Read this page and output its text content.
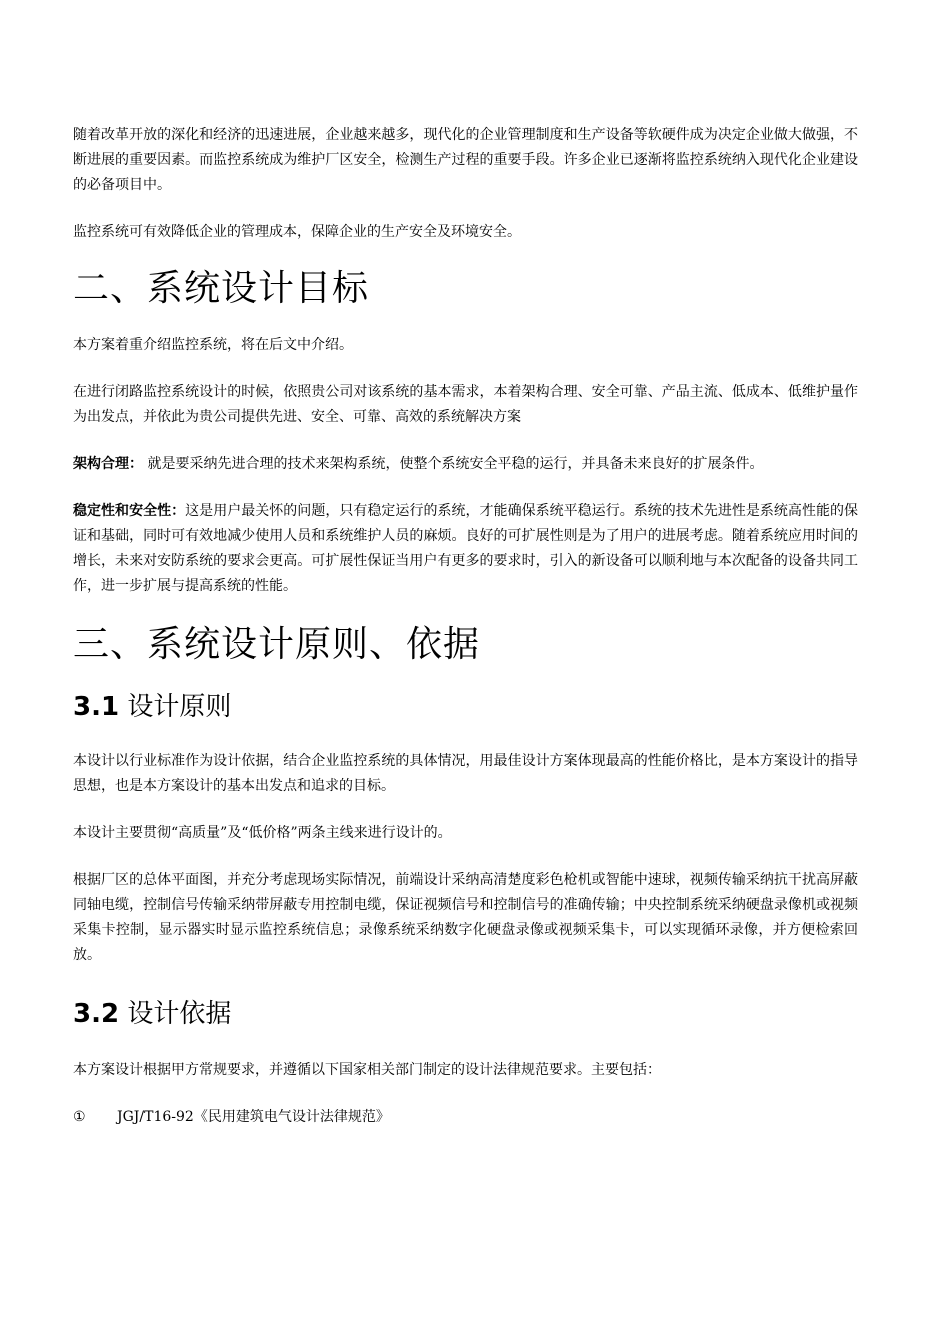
随着改革开放的深化和经济的迅速进展，企业越来越多，现代化的企业管理制度和生产设备等软硬件成为决定企业做大做强，不断进展的重要因素。而监控系统成为维护厂区安全，检测生产过程的重要手段。许多企业已逐渐将监控系统纳入现代化企业建设的必备项目中。

监控系统可有效降低企业的管理成本，保障企业的生产安全及环境安全。

二、系统设计目标

本方案着重介绍监控系统，将在后文中介绍。

在进行闭路监控系统设计的时候，依照贵公司对该系统的基本需求，本着架构合理、安全可靠、产品主流、低成本、低维护量作为出发点，并依此为贵公司提供先进、安全、可靠、高效的系统解决方案

架构合理： 就是要采纳先进合理的技术来架构系统，使整个系统安全平稳的运行，并具备未来良好的扩展条件。

稳定性和安全性：这是用户最关怀的问题，只有稳定运行的系统，才能确保系统平稳运行。系统的技术先进性是系统高性能的保证和基础，同时可有效地减少使用人员和系统维护人员的麻烦。良好的可扩展性则是为了用户的进展考虑。随着系统应用时间的增长，未来对安防系统的要求会更高。可扩展性保证当用户有更多的要求时，引入的新设备可以顺利地与本次配备的设备共同工作，进一步扩展与提高系统的性能。

三、系统设计原则、依据
3.1 设计原则

本设计以行业标准作为设计依据，结合企业监控系统的具体情况，用最佳设计方案体现最高的性能价格比，是本方案设计的指导思想，也是本方案设计的基本出发点和追求的目标。

本设计主要贯彻“高质量”及“低价格”两条主线来进行设计的。

根据厂区的总体平面图，并充分考虑现场实际情况，前端设计采纳高清楚度彩色枪机或智能中速球，视频传输采纳抗干扰高屏蔽同轴电缆，控制信号传输采纳带屏蔽专用控制电缆，保证视频信号和控制信号的准确传输；中央控制系统采纳硬盘录像机或视频采集卡控制，显示器实时显示监控系统信息；录像系统采纳数字化硬盘录像或视频采集卡，可以实现循环录像，并方便检索回放。

3.2 设计依据

本方案设计根据甲方常规要求，并遵循以下国家相关部门制定的设计法律规范要求。主要包括：

①	JGJ/T16-92《民用建筑电气设计法律规范》
